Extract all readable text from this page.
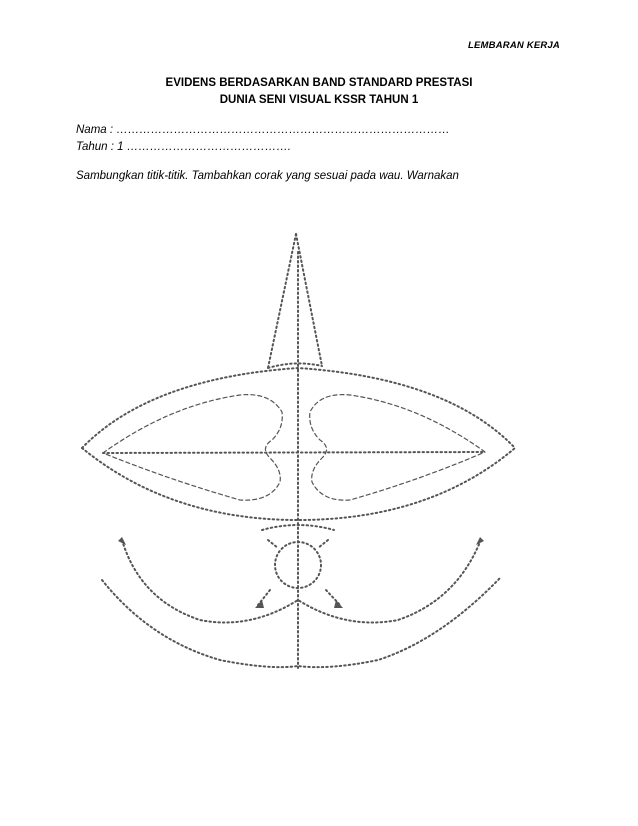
LEMBARAN KERJA
EVIDENS BERDASARKAN BAND STANDARD PRESTASI
DUNIA SENI VISUAL KSSR TAHUN 1
Nama : ……………………………………………………………………………
Tahun : 1 …………………………………….
Sambungkan titik-titik. Tambahkan corak yang sesuai pada wau. Warnakan
